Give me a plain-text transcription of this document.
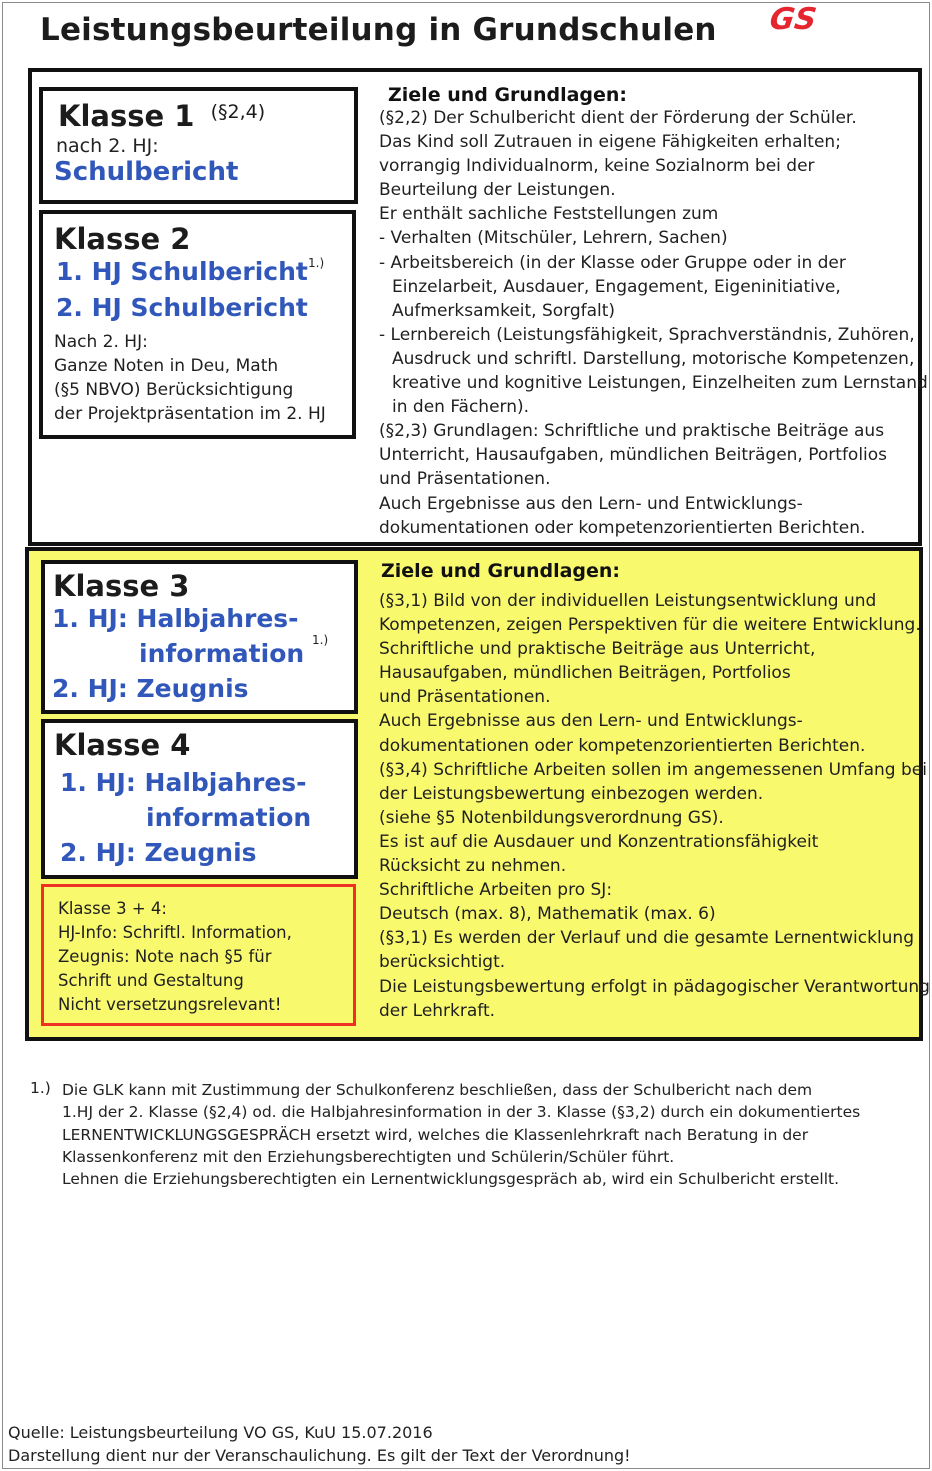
Leistungsbeurteilung in Grundschulen GS
Klasse 1 $^{(\S 2,4)}$
nach 2. HJ:
Schulbericht
Klasse 2
1. HJ Schulbericht 1.)
2. HJ Schulbericht
Nach 2. HJ:
Ganze Noten in Deu, Math
(§5 NBVO) Berücksichtigung
der Projektpräsentation im 2. HJ
Ziele und Grundlagen:
(§2,2) Der Schulbericht dient der Förderung der Schüler.
Das Kind soll Zutrauen in eigene Fähigkeiten erhalten;
vorrangig Individualnorm, keine Sozialnorm bei der
Beurteilung der Leistungen.
Er enthält sachliche Feststellungen zum
- Verhalten (Mitschüler, Lehrern, Sachen)
- Arbeitsbereich (in der Klasse oder Gruppe oder in der
Einzelarbeit, Ausdauer, Engagement, Eigeninitiative,
Aufmerksamkeit, Sorgfalt)
- Lernbereich (Leistungsfähigkeit, Sprachverständnis, Zuhören,
Ausdruck und schriftl. Darstellung, motorische Kompetenzen,
kreative und kognitive Leistungen, Einzelheiten zum Lernstand
in den Fächern).
(§2,3) Grundlagen: Schriftliche und praktische Beiträge aus
Unterricht, Hausaufgaben, mündlichen Beiträgen, Portfolios
und Präsentationen.
Auch Ergebnisse aus den Lern- und Entwicklungs-
dokumentationen oder kompetenzorientierten Berichten.
Klasse 3
1. HJ: Halbjahres-
information 1.)
2. HJ: Zeugnis
Klasse 4
1. HJ: Halbjahres-
information
2. HJ: Zeugnis
Klasse 3 + 4:
HJ-Info: Schriftl. Information,
Zeugnis: Note nach §5 für
Schrift und Gestaltung
Nicht versetzungsrelevant!
Ziele und Grundlagen:
(§3,1) Bild von der individuellen Leistungsentwicklung und
Kompetenzen, zeigen Perspektiven für die weitere Entwicklung.
Schriftliche und praktische Beiträge aus Unterricht,
Hausaufgaben, mündlichen Beiträgen, Portfolios
und Präsentationen.
Auch Ergebnisse aus den Lern- und Entwicklungs-
dokumentationen oder kompetenzorientierten Berichten.
(§3,4) Schriftliche Arbeiten sollen im angemessenen Umfang bei
der Leistungsbewertung einbezogen werden.
(siehe §5 Notenbildungsverordnung GS).
Es ist auf die Ausdauer und Konzentrationsfähigkeit
Rücksicht zu nehmen.
Schriftliche Arbeiten pro SJ:
Deutsch (max. 8), Mathematik (max. 6)
(§3,1) Es werden der Verlauf und die gesamte Lernentwicklung
berücksichtigt.
Die Leistungsbewertung erfolgt in pädagogischer Verantwortung
der Lehrkraft.
1.) Die GLK kann mit Zustimmung der Schulkonferenz beschließen, dass der Schulbericht nach dem
1.HJ der 2. Klasse (§2,4) od. die Halbjahresinformation in der 3. Klasse (§3,2) durch ein dokumentiertes
LERNENTWICKLUNGSGESPRÄCH ersetzt wird, welches die Klassenlehrkraft nach Beratung in der
Klassenkonferenz mit den Erziehungsberechtigten und Schülerin/Schüler führt.
Lehnen die Erziehungsberechtigten ein Lernentwicklungsgespräch ab, wird ein Schulbericht erstellt.
Quelle: Leistungsbeurteilung VO GS, KuU 15.07.2016
Darstellung dient nur der Veranschaulichung. Es gilt der Text der Verordnung!
